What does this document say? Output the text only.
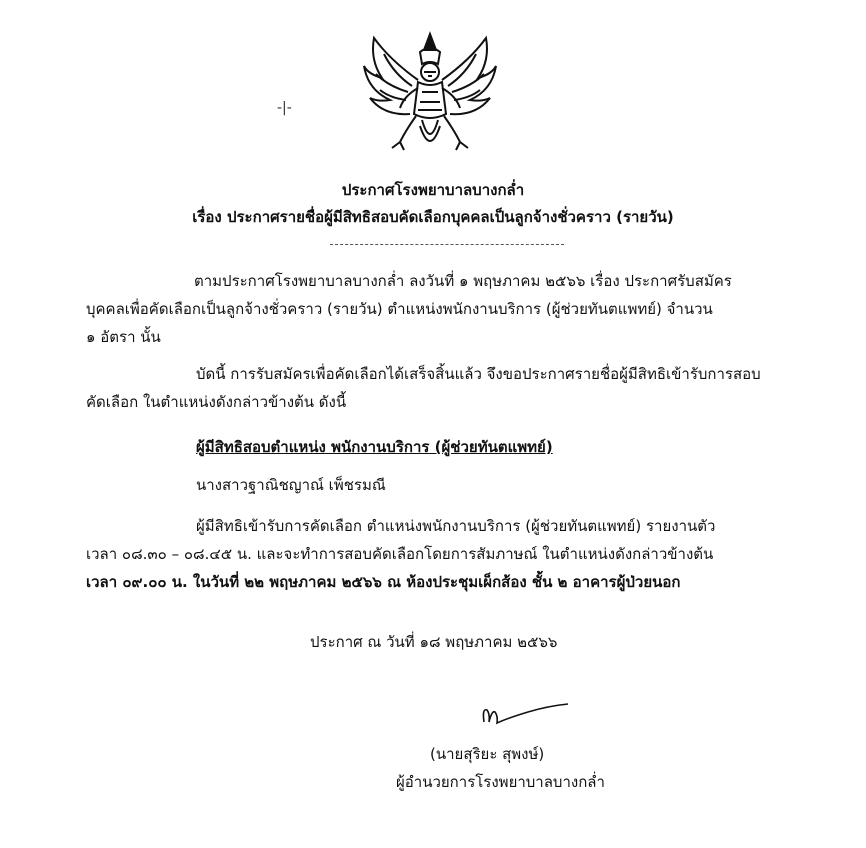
-|-
ประกาศโรงพยาบาลบางกล่ำ
เรื่อง ประกาศรายชื่อผู้มีสิทธิสอบคัดเลือกบุคคลเป็นลูกจ้างชั่วคราว (รายวัน)
ตามประกาศโรงพยาบาลบางกล่ำ ลงวันที่ ๑ พฤษภาคม ๒๕๖๖ เรื่อง ประกาศรับสมัคร
บุคคลเพื่อคัดเลือกเป็นลูกจ้างชั่วคราว (รายวัน) ตำแหน่งพนักงานบริการ (ผู้ช่วยทันตแพทย์) จำนวน
๑ อัตรา นั้น
บัดนี้ การรับสมัครเพื่อคัดเลือกได้เสร็จสิ้นแล้ว จึงขอประกาศรายชื่อผู้มีสิทธิเข้ารับการสอบ
คัดเลือก ในตำแหน่งดังกล่าวข้างต้น ดังนี้
ผู้มีสิทธิสอบตำแหน่ง พนักงานบริการ (ผู้ช่วยทันตแพทย์)
นางสาวฐาณิชญาณ์ เพ็ชรมณี
ผู้มีสิทธิเข้ารับการคัดเลือก ตำแหน่งพนักงานบริการ (ผู้ช่วยทันตแพทย์) รายงานตัว
เวลา ๐๘.๓๐ – ๐๘.๔๕ น. และจะทำการสอบคัดเลือกโดยการสัมภาษณ์ ในตำแหน่งดังกล่าวข้างต้น
เวลา ๐๙.๐๐ น. ในวันที่ ๒๒ พฤษภาคม ๒๕๖๖ ณ ห้องประชุมเผ็กส้อง ชั้น ๒ อาคารผู้ป่วยนอก
ประกาศ ณ วันที่ ๑๘ พฤษภาคม ๒๕๖๖
(นายสุริยะ สุพงษ์)
ผู้อำนวยการโรงพยาบาลบางกล่ำ
